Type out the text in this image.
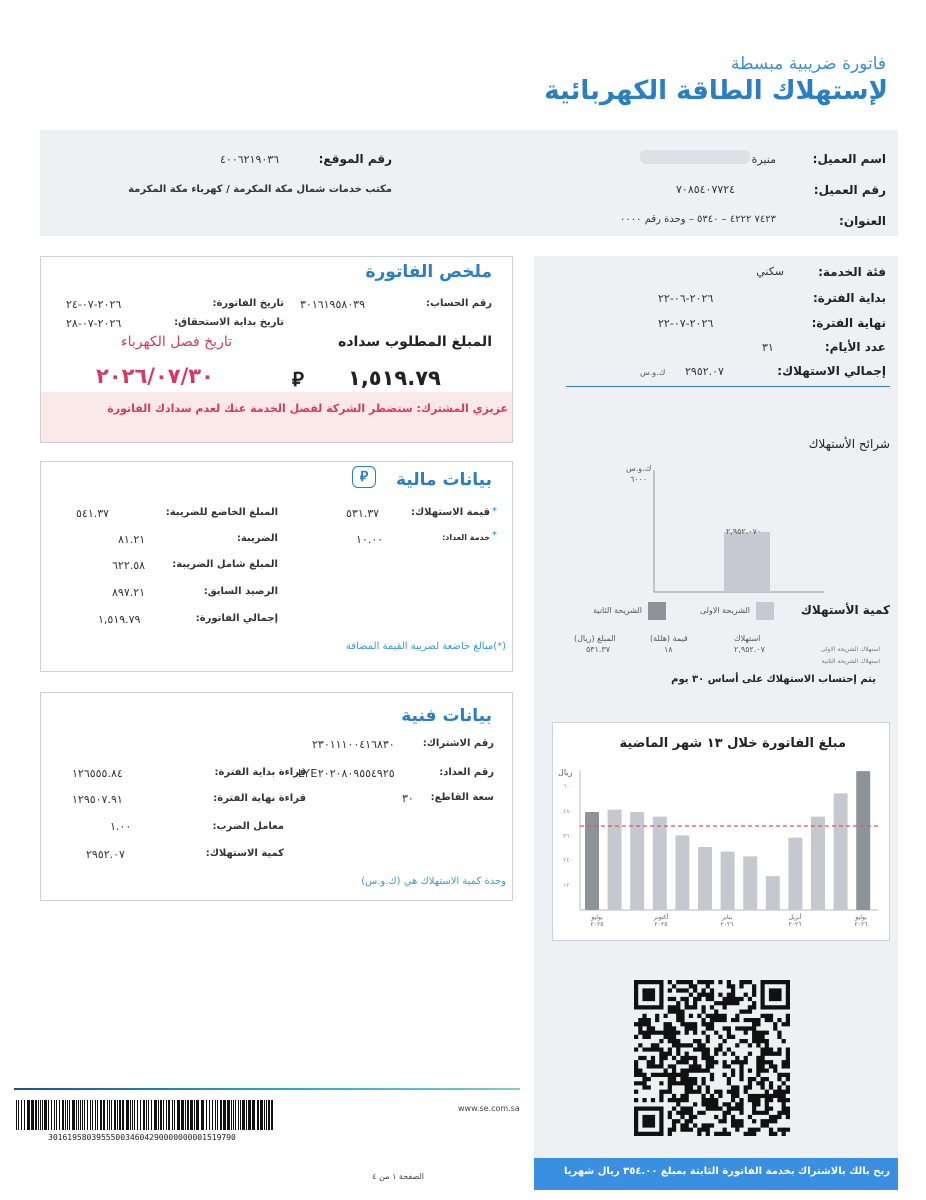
فاتورة ضريبية مبسطة
لإستهلاك الطاقة الكهربائية
اسم العميل:
منيرة
رقم العميل:
٧٠٨٥٤٠٧٧٢٤
العنوان:
٧٤٢٣ ٤٢٢٢ – ٥٣٤٠ – وحدة رقم ٠٠٠٠
رقم الموقع:
٤٠٠٦٢١٩٠٣٦
مكتب خدمات شمال مكة المكرمة / كهرباء مكة المكرمة
فئة الخدمة:
سكني
بداية الفترة:
٢٠٢٦-٠٦-٢٢
نهاية الفترة:
٢٠٢٦-٠٧-٢٢
عدد الأيام:
٣١
إجمالي الاستهلاك:
٢٩٥٢.٠٧
ك.و.س
ملخص الفاتورة
رقم الحساب:
٣٠١٦١٩٥٨٠٣٩
تاريخ الفاتورة:
٢٠٢٦-٠٧-٢٤
تاريخ بداية الاستحقاق:
٢٠٢٦-٠٧-٢٨
المبلغ المطلوب سداده
تاريخ فصل الكهرباء
١,٥١٩.٧٩
⃁
٢٠٢٦/٠٧/٣٠
عزيزي المشترك: ستضطر الشركة لفصل الخدمة عنك لعدم سدادك الفاتورة
بيانات مالية
⃁
*
قيمة الاستهلاك:
٥٣١.٣٧
*
خدمة العداد:
١٠.٠٠
المبلغ الخاضع للضريبة:
٥٤١.٣٧
الضريبة:
٨١.٢١
المبلغ شامل الضريبة:
٦٢٢.٥٨
الرصيد السابق:
٨٩٧.٢١
إجمالي الفاتورة:
١,٥١٩.٧٩
(*)مبالغ خاضعة لضريبة القيمة المضافة
بيانات فنية
رقم الاشتراك:
٢٣٠١١١٠٠٤١٦٨٣٠
رقم العداد:
LYE٢٠٢٠٨٠٩٥٥٤٩٢٥
سعة القاطع:
٣٠
قراءة بداية الفترة:
١٢٦٥٥٥.٨٤
قراءة نهاية الفترة:
١٢٩٥٠٧.٩١
معامل الضرب:
١.٠٠
كمية الاستهلاك:
٢٩٥٢.٠٧
وحدة كمية الاستهلاك هي (ك.و.س)
شرائح الأستهلاك
ك.و.س
٦٠٠٠
٢,٩٥٢.٠٧٠
كمية الأستهلاك
الشريحة الاولى
الشريحة الثانية
استهلاك
قيمة (هللة)
المبلغ (ريال)
٢,٩٥٢.٠٧
١٨
٥٣١.٣٧	استهلاك الشريحة الاولى
استهلاك الشريحة الثانية
يتم إحتساب الاستهلاك على أساس ٣٠ يوم
مبلغ الفاتورة خلال ١٣ شهر الماضية
ريال
٦٠٠
٤٨٠
٣٦٠
٢٤٠
١٢٠
يوليو
٢٠٢٥
أكتوبر
٢٠٢٥
يناير
٢٠٢٦
أبريل
٢٠٢٦
يوليو
٢٠٢٦
ربح بالك بالاشتراك بخدمة الفاتورة الثابتة بمبلغ ٣٥٤.٠٠ ريال شهريا
www.se.com.sa
301619580395550034604290000000001519790
الصفحة ١ من ٤
